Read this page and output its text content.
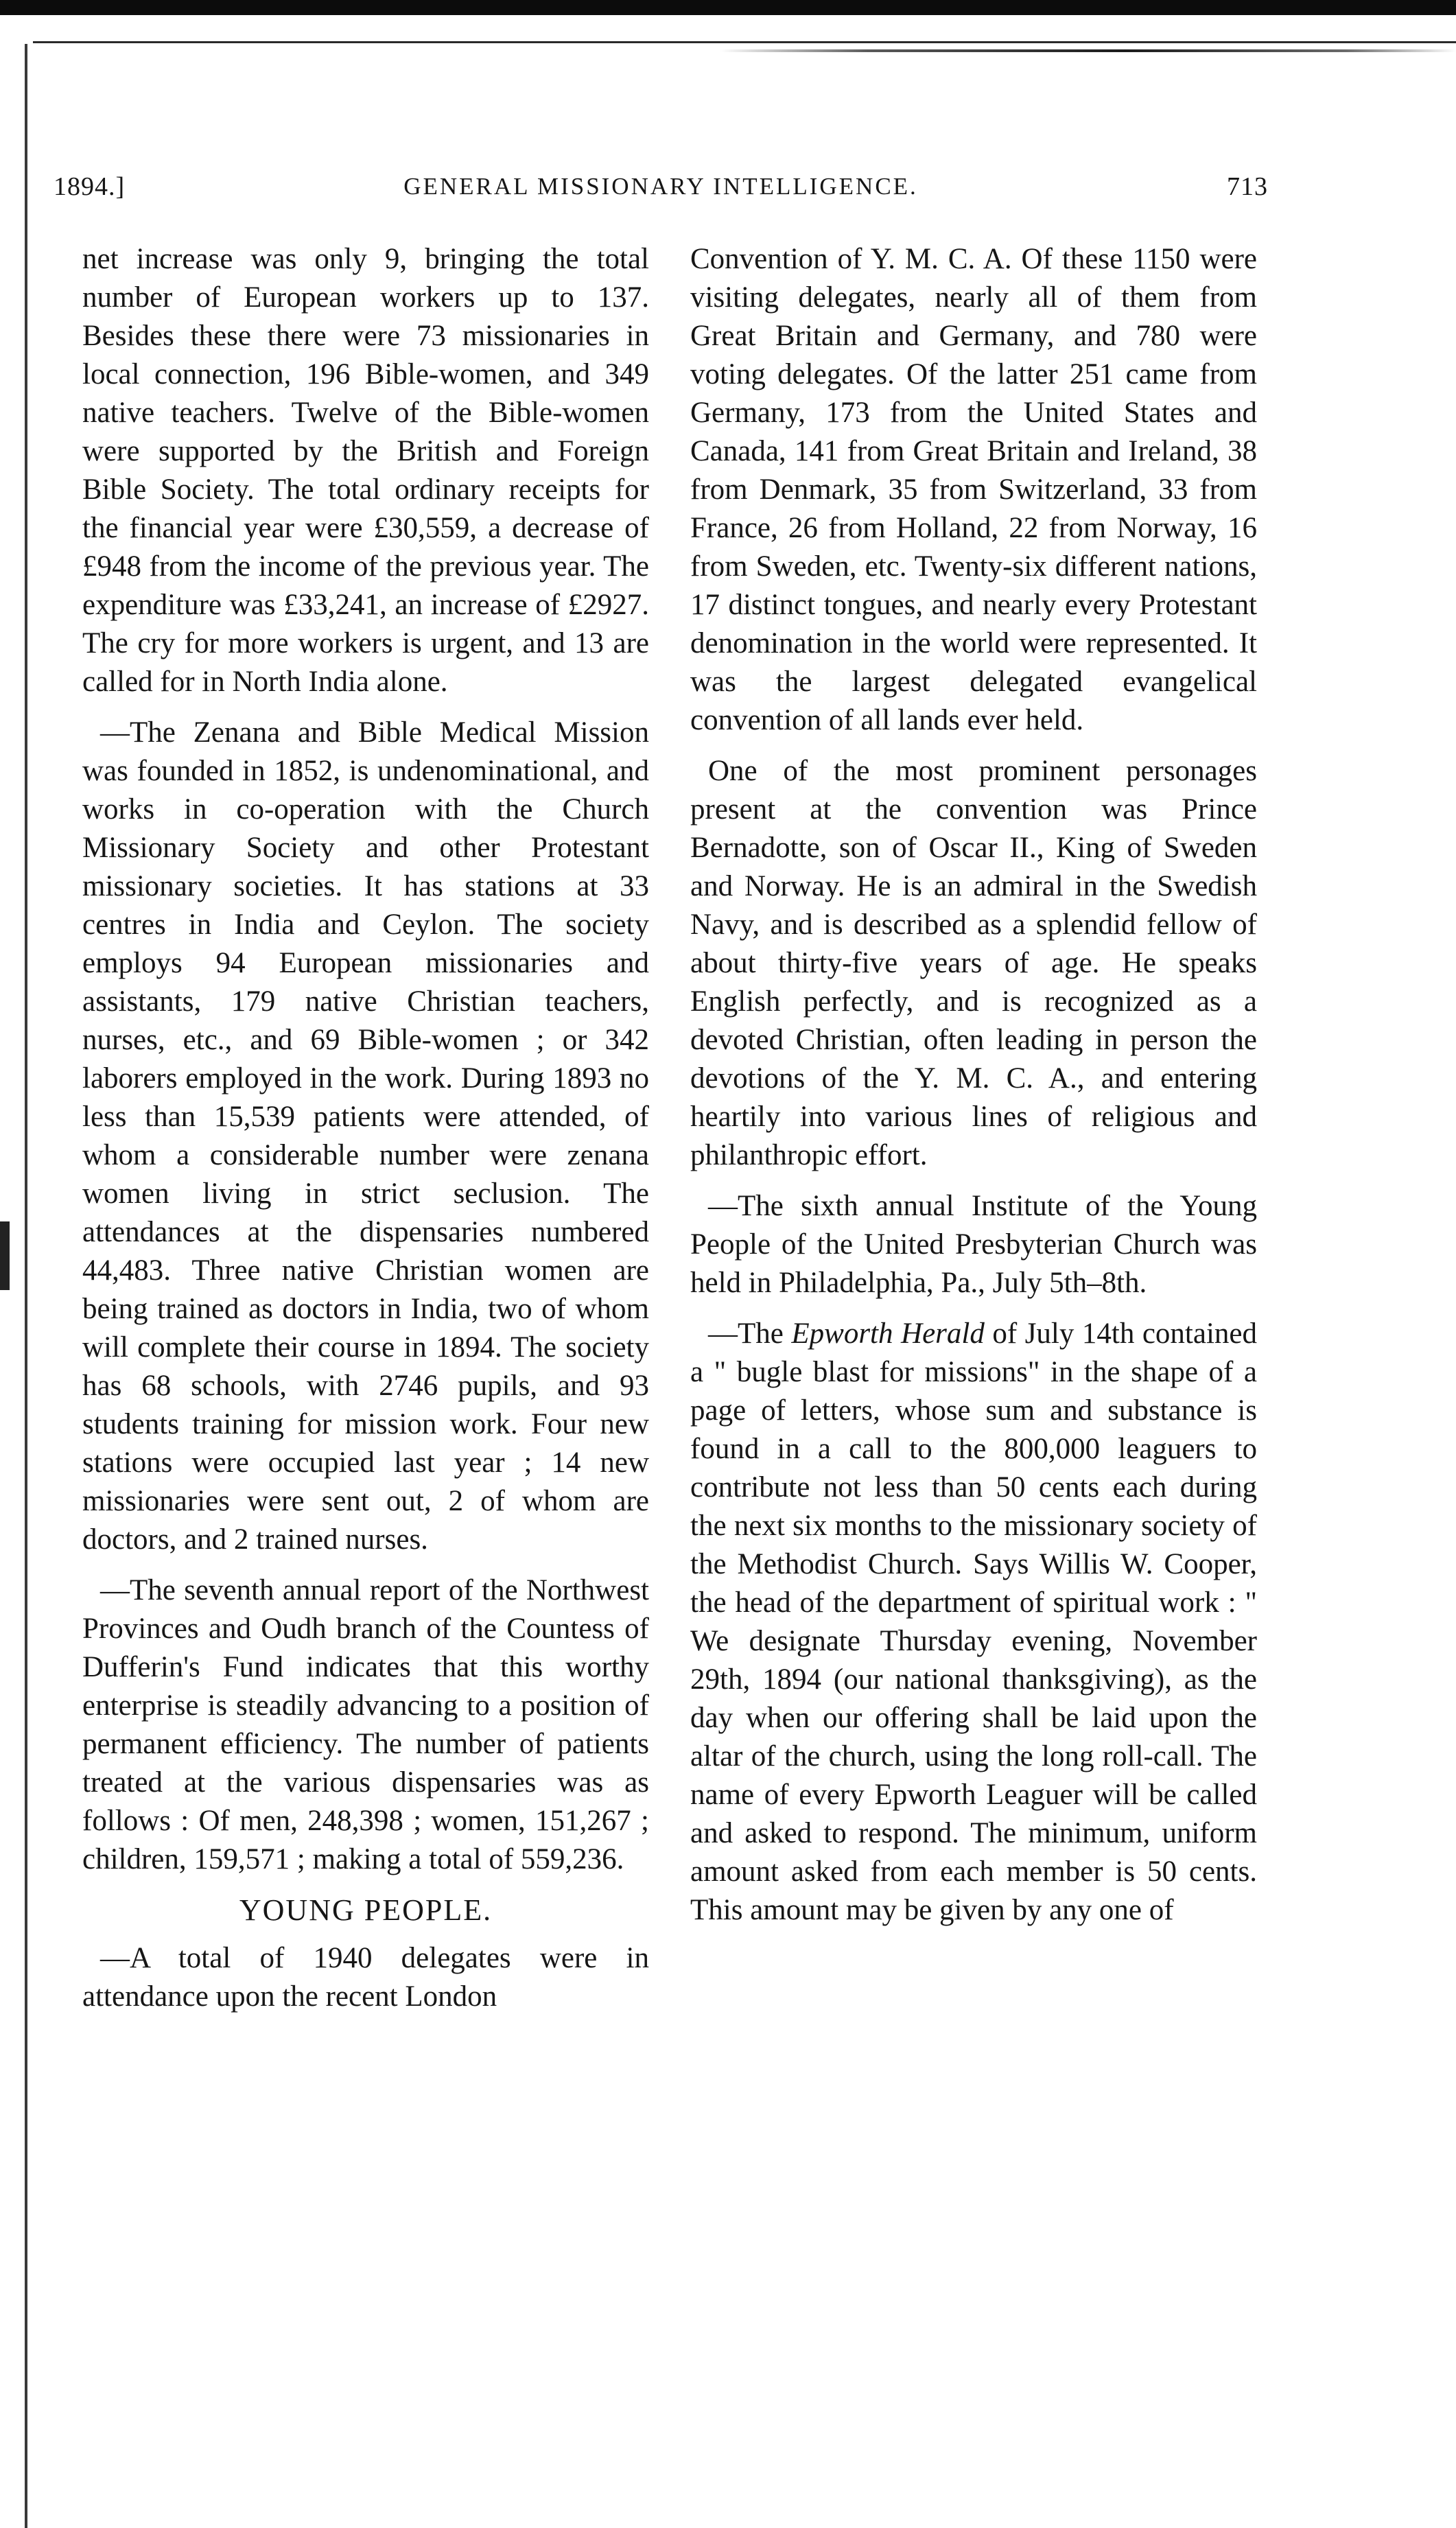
1894.]	GENERAL MISSIONARY INTELLIGENCE.	713

net increase was only 9, bringing the total number of European workers up to 137. Besides these there were 73 missionaries in local connection, 196 Bible-women, and 349 native teachers. Twelve of the Bible-women were supported by the British and Foreign Bible Society. The total ordinary receipts for the financial year were £30,559, a decrease of £948 from the income of the previous year. The expenditure was £33,241, an increase of £2927. The cry for more workers is urgent, and 13 are called for in North India alone.

—The Zenana and Bible Medical Mission was founded in 1852, is undenominational, and works in co-operation with the Church Missionary Society and other Protestant missionary societies. It has stations at 33 centres in India and Ceylon. The society employs 94 European missionaries and assistants, 179 native Christian teachers, nurses, etc., and 69 Bible-women ; or 342 laborers employed in the work. During 1893 no less than 15,539 patients were attended, of whom a considerable number were zenana women living in strict seclusion. The attendances at the dispensaries numbered 44,483. Three native Christian women are being trained as doctors in India, two of whom will complete their course in 1894. The society has 68 schools, with 2746 pupils, and 93 students training for mission work. Four new stations were occupied last year ; 14 new missionaries were sent out, 2 of whom are doctors, and 2 trained nurses.

—The seventh annual report of the Northwest Provinces and Oudh branch of the Countess of Dufferin's Fund indicates that this worthy enterprise is steadily advancing to a position of permanent efficiency. The number of patients treated at the various dispensaries was as follows : Of men, 248,398 ; women, 151,267 ; children, 159,571 ; making a total of 559,236.

YOUNG PEOPLE.

—A total of 1940 delegates were in attendance upon the recent London

Convention of Y. M. C. A. Of these 1150 were visiting delegates, nearly all of them from Great Britain and Germany, and 780 were voting delegates. Of the latter 251 came from Germany, 173 from the United States and Canada, 141 from Great Britain and Ireland, 38 from Denmark, 35 from Switzerland, 33 from France, 26 from Holland, 22 from Norway, 16 from Sweden, etc. Twenty-six different nations, 17 distinct tongues, and nearly every Protestant denomination in the world were represented. It was the largest delegated evangelical convention of all lands ever held.

One of the most prominent personages present at the convention was Prince Bernadotte, son of Oscar II., King of Sweden and Norway. He is an admiral in the Swedish Navy, and is described as a splendid fellow of about thirty-five years of age. He speaks English perfectly, and is recognized as a devoted Christian, often leading in person the devotions of the Y. M. C. A., and entering heartily into various lines of religious and philanthropic effort.

—The sixth annual Institute of the Young People of the United Presbyterian Church was held in Philadelphia, Pa., July 5th–8th.

—The Epworth Herald of July 14th contained a " bugle blast for missions" in the shape of a page of letters, whose sum and substance is found in a call to the 800,000 leaguers to contribute not less than 50 cents each during the next six months to the missionary society of the Methodist Church. Says Willis W. Cooper, the head of the department of spiritual work : " We designate Thursday evening, November 29th, 1894 (our national thanksgiving), as the day when our offering shall be laid upon the altar of the church, using the long roll-call. The name of every Epworth Leaguer will be called and asked to respond. The minimum, uniform amount asked from each member is 50 cents. This amount may be given by any one of
